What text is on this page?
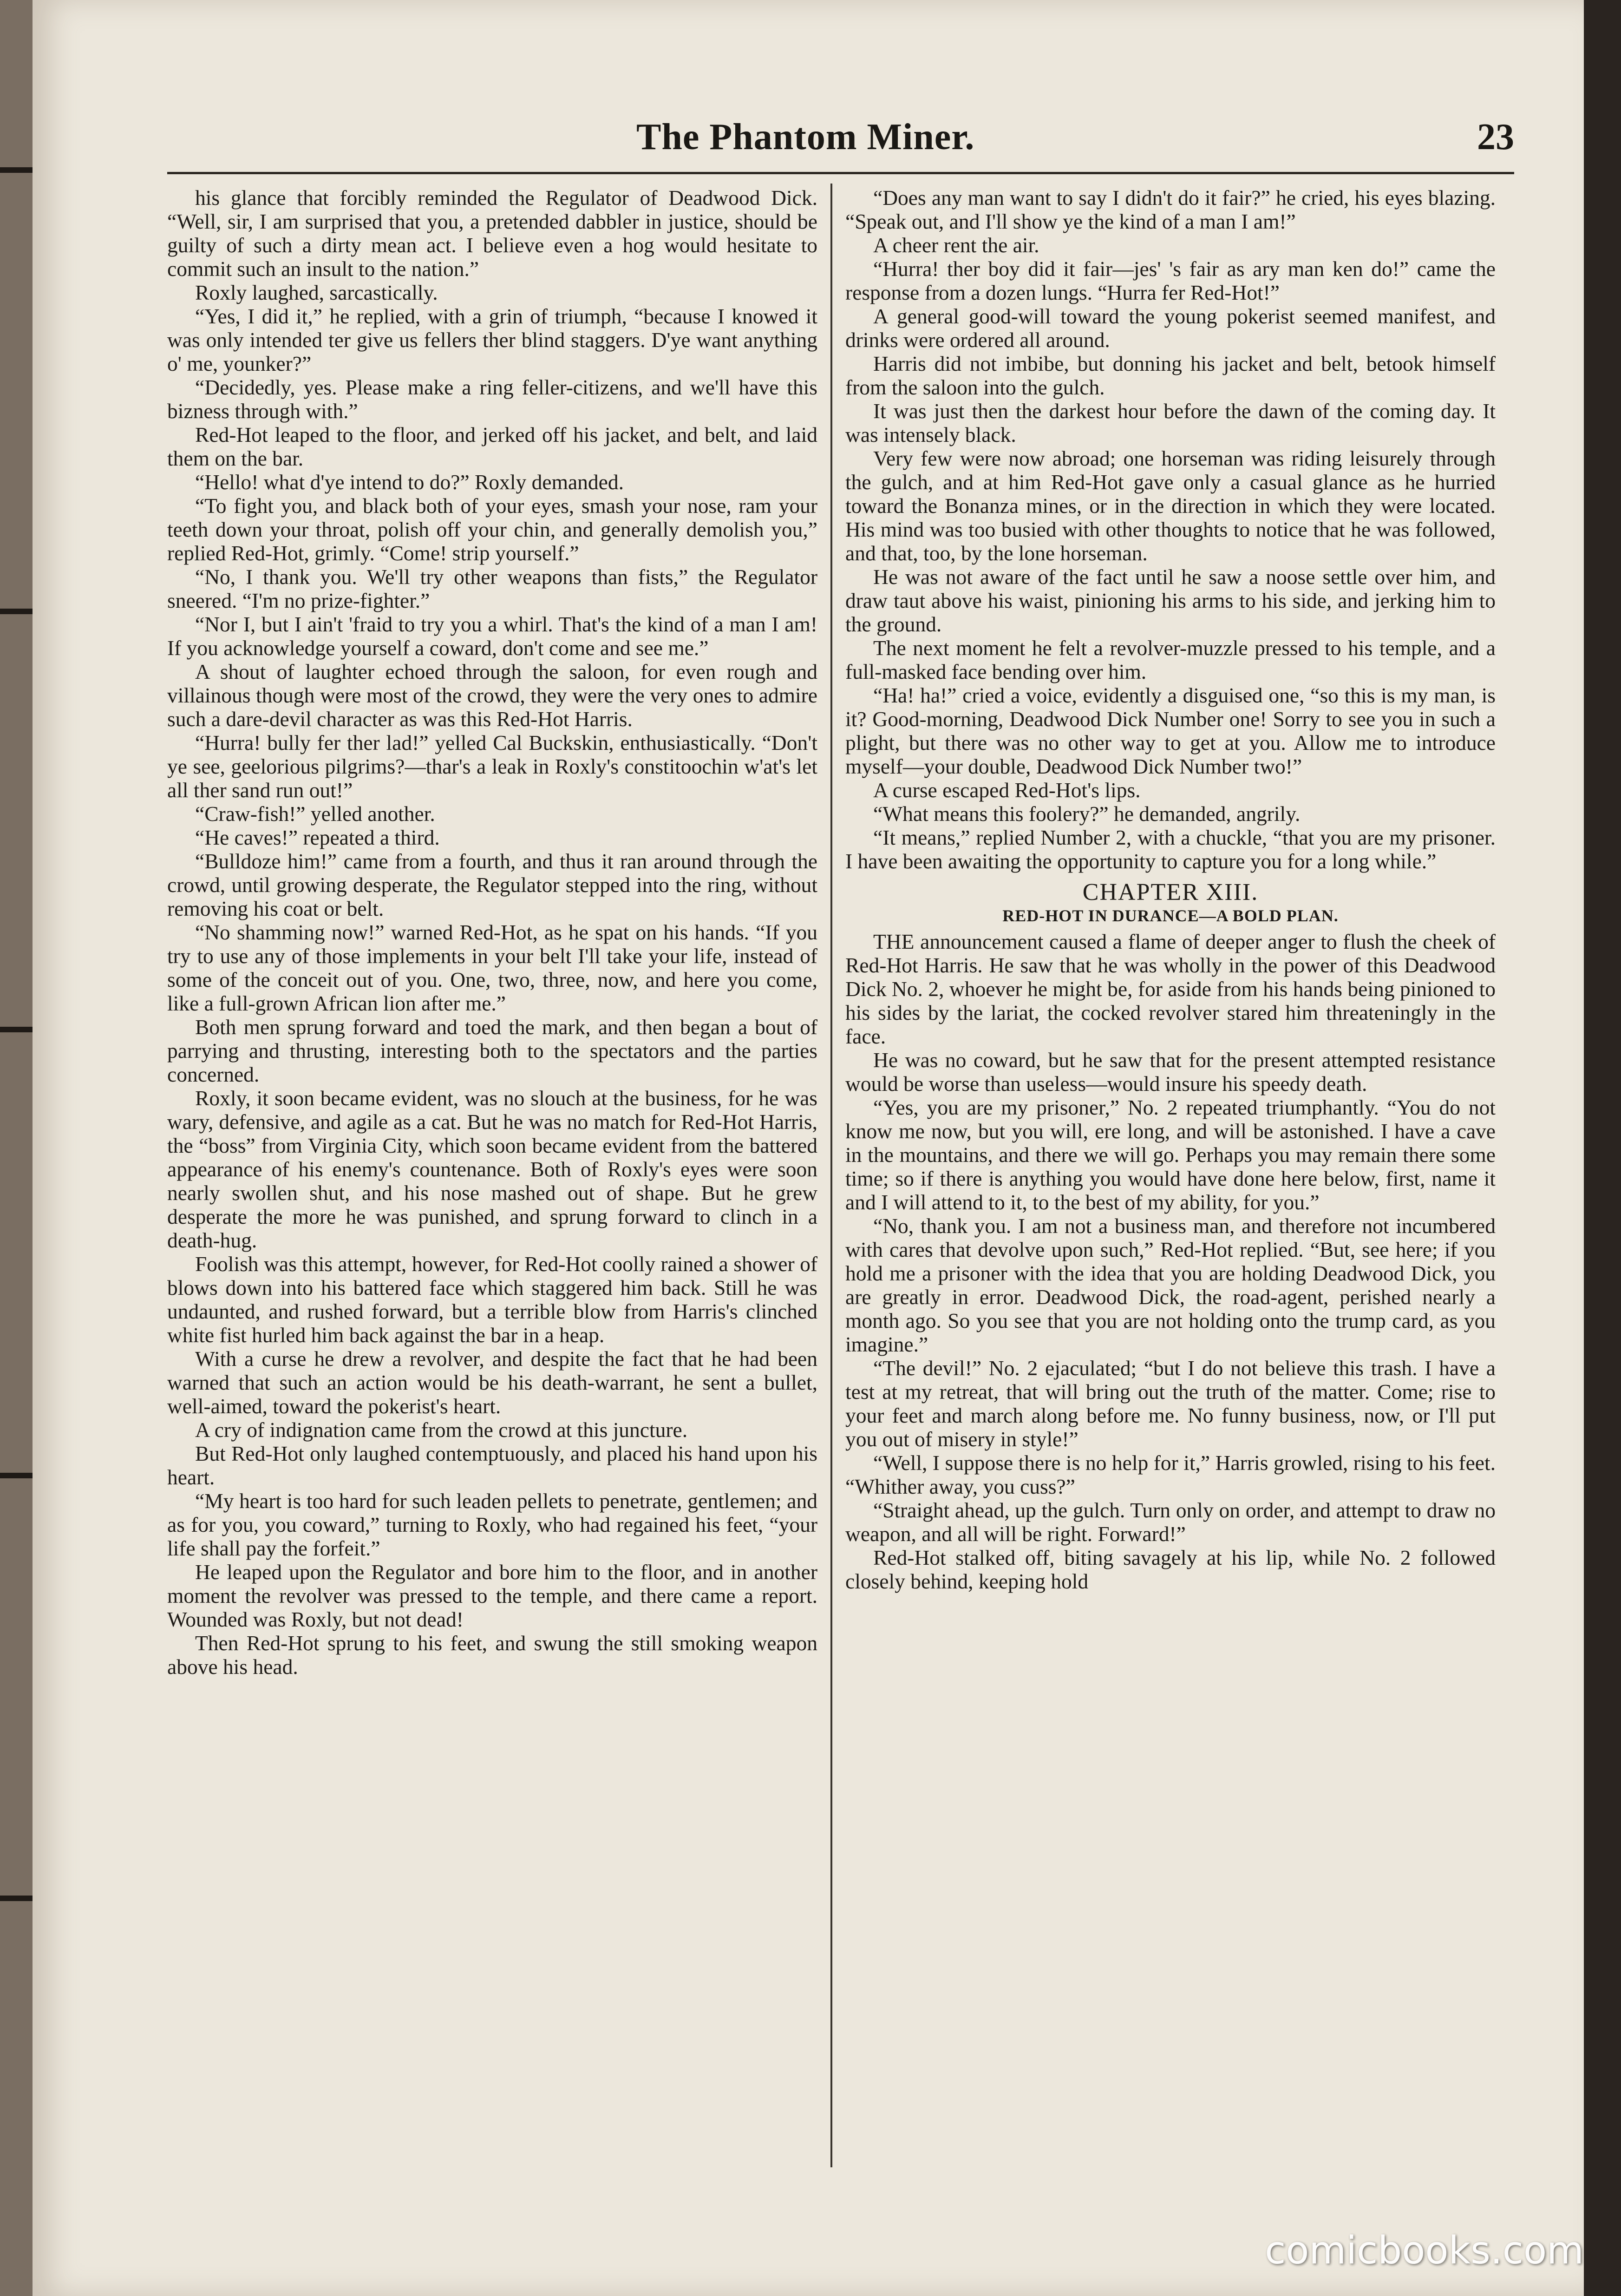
The Phantom Miner.	23

his glance that forcibly reminded the Regulator of Deadwood Dick. “Well, sir, I am surprised that you, a pretended dabbler in justice, should be guilty of such a dirty mean act. I believe even a hog would hesitate to commit such an insult to the nation.”

Roxly laughed, sarcastically.

“Yes, I did it,” he replied, with a grin of triumph, “because I knowed it was only intended ter give us fellers ther blind staggers. D'ye want anything o' me, younker?”

“Decidedly, yes. Please make a ring feller-citizens, and we'll have this bizness through with.”

Red-Hot leaped to the floor, and jerked off his jacket, and belt, and laid them on the bar.

“Hello! what d'ye intend to do?” Roxly demanded.

“To fight you, and black both of your eyes, smash your nose, ram your teeth down your throat, polish off your chin, and generally demolish you,” replied Red-Hot, grimly. “Come! strip yourself.”

“No, I thank you. We'll try other weapons than fists,” the Regulator sneered. “I'm no prize-fighter.”

“Nor I, but I ain't 'fraid to try you a whirl. That's the kind of a man I am! If you acknowledge yourself a coward, don't come and see me.”

A shout of laughter echoed through the saloon, for even rough and villainous though were most of the crowd, they were the very ones to admire such a dare-devil character as was this Red-Hot Harris.

“Hurra! bully fer ther lad!” yelled Cal Buckskin, enthusiastically. “Don't ye see, geelorious pilgrims?—thar's a leak in Roxly's constitoochin w'at's let all ther sand run out!”

“Craw-fish!” yelled another.

“He caves!” repeated a third.

“Bulldoze him!” came from a fourth, and thus it ran around through the crowd, until growing desperate, the Regulator stepped into the ring, without removing his coat or belt.

“No shamming now!” warned Red-Hot, as he spat on his hands. “If you try to use any of those implements in your belt I'll take your life, instead of some of the conceit out of you. One, two, three, now, and here you come, like a full-grown African lion after me.”

Both men sprung forward and toed the mark, and then began a bout of parrying and thrusting, interesting both to the spectators and the parties concerned.

Roxly, it soon became evident, was no slouch at the business, for he was wary, defensive, and agile as a cat. But he was no match for Red-Hot Harris, the “boss” from Virginia City, which soon became evident from the battered appearance of his enemy's countenance. Both of Roxly's eyes were soon nearly swollen shut, and his nose mashed out of shape. But he grew desperate the more he was punished, and sprung forward to clinch in a death-hug.

Foolish was this attempt, however, for Red-Hot coolly rained a shower of blows down into his battered face which staggered him back. Still he was undaunted, and rushed forward, but a terrible blow from Harris's clinched white fist hurled him back against the bar in a heap.

With a curse he drew a revolver, and despite the fact that he had been warned that such an action would be his death-warrant, he sent a bullet, well-aimed, toward the pokerist's heart.

A cry of indignation came from the crowd at this juncture.

But Red-Hot only laughed contemptuously, and placed his hand upon his heart.

“My heart is too hard for such leaden pellets to penetrate, gentlemen; and as for you, you coward,” turning to Roxly, who had regained his feet, “your life shall pay the forfeit.”

He leaped upon the Regulator and bore him to the floor, and in another moment the revolver was pressed to the temple, and there came a report. Wounded was Roxly, but not dead!

Then Red-Hot sprung to his feet, and swung the still smoking weapon above his head.

“Does any man want to say I didn't do it fair?” he cried, his eyes blazing. “Speak out, and I'll show ye the kind of a man I am!”

A cheer rent the air.

“Hurra! ther boy did it fair—jes' 's fair as ary man ken do!” came the response from a dozen lungs. “Hurra fer Red-Hot!”

A general good-will toward the young pokerist seemed manifest, and drinks were ordered all around.

Harris did not imbibe, but donning his jacket and belt, betook himself from the saloon into the gulch.

It was just then the darkest hour before the dawn of the coming day. It was intensely black.

Very few were now abroad; one horseman was riding leisurely through the gulch, and at him Red-Hot gave only a casual glance as he hurried toward the Bonanza mines, or in the direction in which they were located. His mind was too busied with other thoughts to notice that he was followed, and that, too, by the lone horseman.

He was not aware of the fact until he saw a noose settle over him, and draw taut above his waist, pinioning his arms to his side, and jerking him to the ground.

The next moment he felt a revolver-muzzle pressed to his temple, and a full-masked face bending over him.

“Ha! ha!” cried a voice, evidently a disguised one, “so this is my man, is it? Good-morning, Deadwood Dick Number one! Sorry to see you in such a plight, but there was no other way to get at you. Allow me to introduce myself—your double, Deadwood Dick Number two!”

A curse escaped Red-Hot's lips.

“What means this foolery?” he demanded, angrily.

“It means,” replied Number 2, with a chuckle, “that you are my prisoner. I have been awaiting the opportunity to capture you for a long while.”

CHAPTER XIII.
RED-HOT IN DURANCE—A BOLD PLAN.

THE announcement caused a flame of deeper anger to flush the cheek of Red-Hot Harris. He saw that he was wholly in the power of this Deadwood Dick No. 2, whoever he might be, for aside from his hands being pinioned to his sides by the lariat, the cocked revolver stared him threateningly in the face.

He was no coward, but he saw that for the present attempted resistance would be worse than useless—would insure his speedy death.

“Yes, you are my prisoner,” No. 2 repeated triumphantly. “You do not know me now, but you will, ere long, and will be astonished. I have a cave in the mountains, and there we will go. Perhaps you may remain there some time; so if there is anything you would have done here below, first, name it and I will attend to it, to the best of my ability, for you.”

“No, thank you. I am not a business man, and therefore not incumbered with cares that devolve upon such,” Red-Hot replied. “But, see here; if you hold me a prisoner with the idea that you are holding Deadwood Dick, you are greatly in error. Deadwood Dick, the road-agent, perished nearly a month ago. So you see that you are not holding onto the trump card, as you imagine.”

“The devil!” No. 2 ejaculated; “but I do not believe this trash. I have a test at my retreat, that will bring out the truth of the matter. Come; rise to your feet and march along before me. No funny business, now, or I'll put you out of misery in style!”

“Well, I suppose there is no help for it,” Harris growled, rising to his feet. “Whither away, you cuss?”

“Straight ahead, up the gulch. Turn only on order, and attempt to draw no weapon, and all will be right. Forward!”

Red-Hot stalked off, biting savagely at his lip, while No. 2 followed closely behind, keeping hold

comicbooks.com
